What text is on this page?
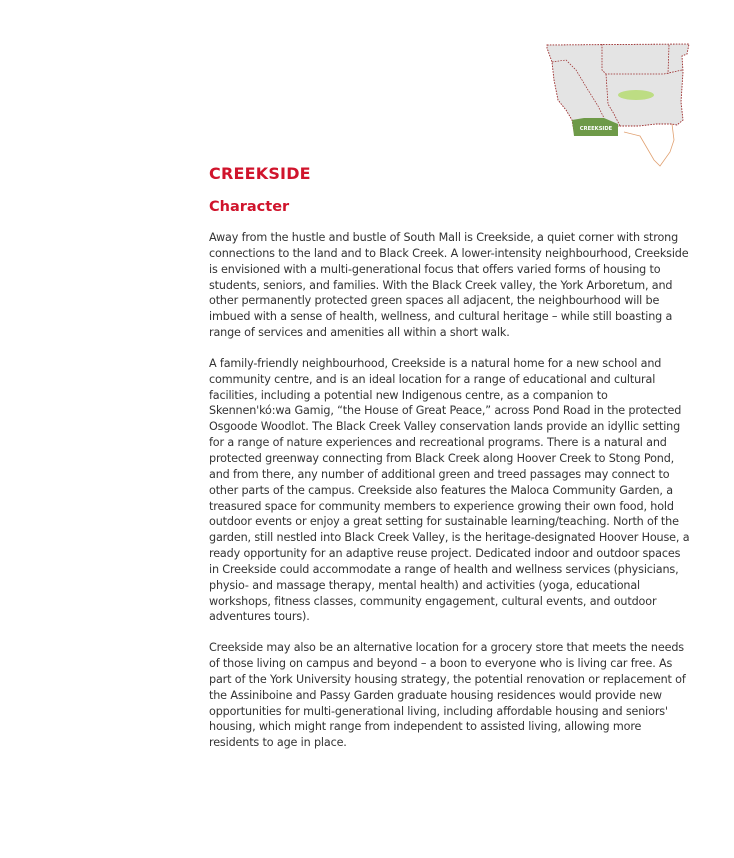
CREEKSIDE
CREEKSIDE
Character

Away from the hustle and bustle of South Mall is Creekside, a quiet corner with strong connections to the land and to Black Creek. A lower-intensity neighbourhood, Creekside is envisioned with a multi-generational focus that offers varied forms of housing to students, seniors, and families. With the Black Creek valley, the York Arboretum, and other permanently protected green spaces all adjacent, the neighbourhood will be imbued with a sense of health, wellness, and cultural heritage – while still boasting a range of services and amenities all within a short walk.

A family-friendly neighbourhood, Creekside is a natural home for a new school and community centre, and is an ideal location for a range of educational and cultural facilities, including a potential new Indigenous centre, as a companion to Skennen'kó:wa Gamig, “the House of Great Peace,” across Pond Road in the protected Osgoode Woodlot. The Black Creek Valley conservation lands provide an idyllic setting for a range of nature experiences and recreational programs. There is a natural and protected greenway connecting from Black Creek along Hoover Creek to Stong Pond, and from there, any number of additional green and treed passages may connect to other parts of the campus. Creekside also features the Maloca Community Garden, a treasured space for community members to experience growing their own food, hold outdoor events or enjoy a great setting for sustainable learning/teaching. North of the garden, still nestled into Black Creek Valley, is the heritage-designated Hoover House, a ready opportunity for an adaptive reuse project. Dedicated indoor and outdoor spaces in Creekside could accommodate a range of health and wellness services (physicians, physio- and massage therapy, mental health) and activities (yoga, educational workshops, fitness classes, community engagement, cultural events, and outdoor adventures tours).

Creekside may also be an alternative location for a grocery store that meets the needs of those living on campus and beyond – a boon to everyone who is living car free. As part of the York University housing strategy, the potential renovation or replacement of the Assiniboine and Passy Garden graduate housing residences would provide new opportunities for multi-generational living, including affordable housing and seniors' housing, which might range from independent to assisted living, allowing more residents to age in place.
